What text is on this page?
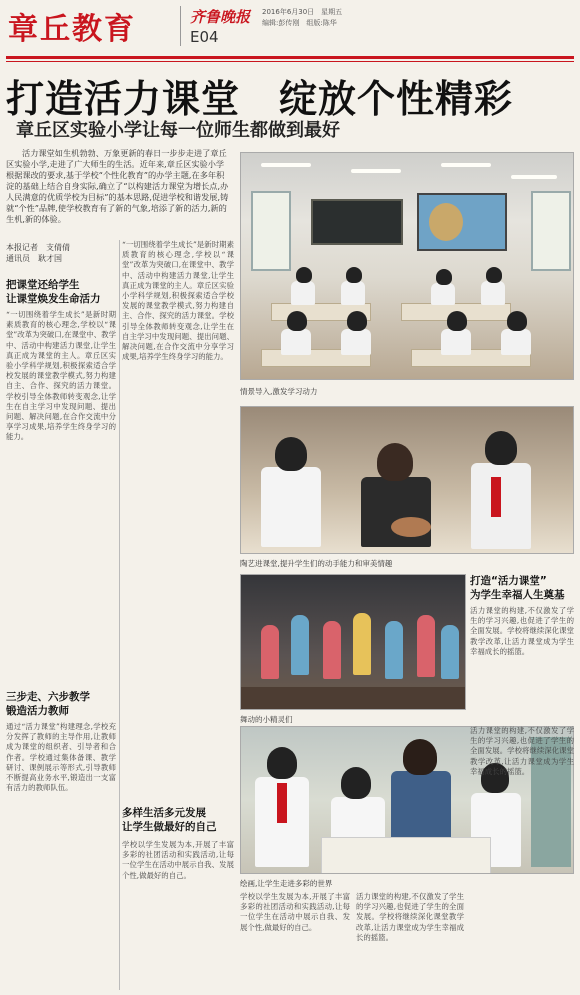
章丘教育	齐鲁晚报
E04
2016年6月30日　星期五
编辑:彭传刚　组版:陈华
打造活力课堂　绽放个性精彩
章丘区实验小学让每一位师生都做到最好
活力课堂如生机勃勃、万象更新的春日一步步走进了章丘区实验小学,走进了广大师生的生活。近年来,章丘区实验小学根据课改的要求,基于学校“个性化教育”的办学主题,在多年积淀的基础上结合自身实际,确立了“以构建活力课堂为增长点,办人民满意的优质学校为目标”的基本思路,促进学校和谐发展,铸就“个性”品牌,使学校教育有了新的气象,培添了新的活力,新的生机,新的体验。
本报记者　支倩倩
通讯员　耿才国
把课堂还给学生
让课堂焕发生命活力
“一切围绕着学生成长”是新时期素质教育的核心理念,学校以“课堂”改革为突破口,在课堂中、教学中、活动中构建活力课堂,让学生真正成为课堂的主人。章丘区实验小学科学规划,积极探索适合学校发展的课堂教学模式,努力构建自主、合作、探究的活力课堂。学校引导全体教师转变观念,让学生在自主学习中发现问题、提出问题、解决问题,在合作交流中分享学习成果,培养学生终身学习的能力。
三步走、六步教学
锻造活力教师
通过“活力课堂”构建理念,学校充分发挥了教师的主导作用,让教师成为课堂的组织者、引导者和合作者。学校通过集体备课、教学研讨、课例展示等形式,引导教师不断提高业务水平,锻造出一支富有活力的教师队伍。
“一切围绕着学生成长”是新时期素质教育的核心理念,学校以“课堂”改革为突破口,在课堂中、教学中、活动中构建活力课堂,让学生真正成为课堂的主人。章丘区实验小学科学规划,积极探索适合学校发展的课堂教学模式,努力构建自主、合作、探究的活力课堂。学校引导全体教师转变观念,让学生在自主学习中发现问题、提出问题、解决问题,在合作交流中分享学习成果,培养学生终身学习的能力。
多样生活多元发展
让学生做最好的自己
学校以学生发展为本,开展了丰富多彩的社团活动和实践活动,让每一位学生在活动中展示自我、发展个性,做最好的自己。
情景导入,激发学习动力
陶艺进课堂,提升学生们的动手能力和审美情趣
舞动的小精灵们
打造“活力课堂”
为学生幸福人生奠基
活力课堂的构建,不仅激发了学生的学习兴趣,也促进了学生的全面发展。学校将继续深化课堂教学改革,让活力课堂成为学生幸福成长的摇篮。
绘画,让学生走进多彩的世界
学校以学生发展为本,开展了丰富多彩的社团活动和实践活动,让每一位学生在活动中展示自我、发展个性,做最好的自己。
活力课堂的构建,不仅激发了学生的学习兴趣,也促进了学生的全面发展。学校将继续深化课堂教学改革,让活力课堂成为学生幸福成长的摇篮。
活力课堂的构建,不仅激发了学生的学习兴趣,也促进了学生的全面发展。学校将继续深化课堂教学改革,让活力课堂成为学生幸福成长的摇篮。
